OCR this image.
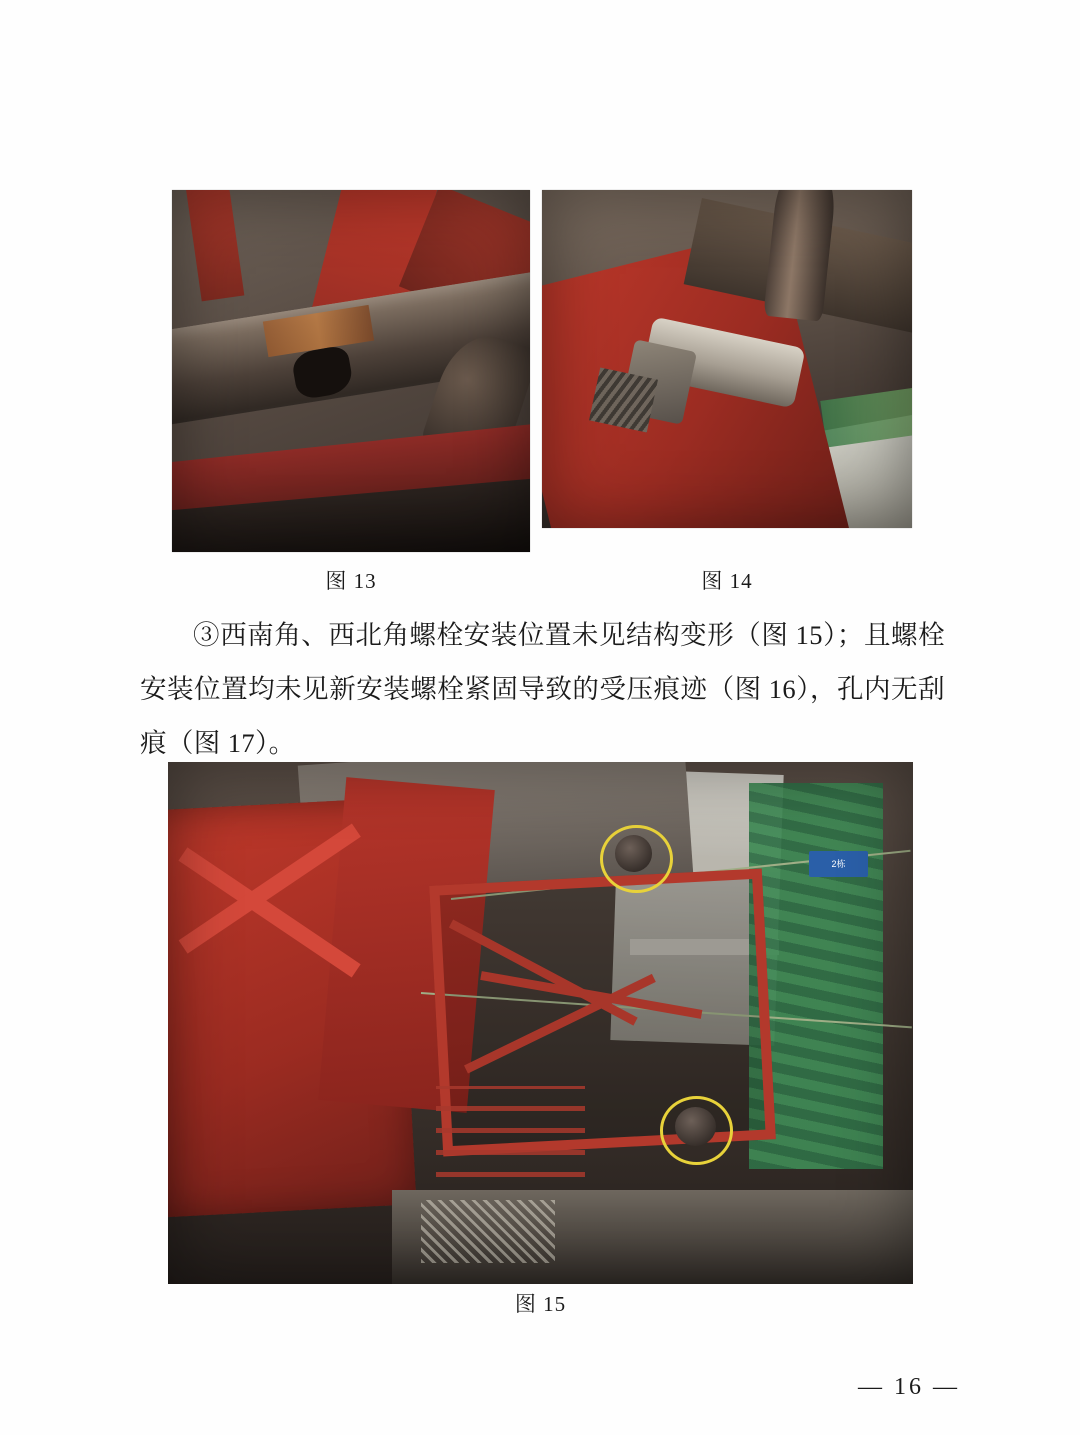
图 13	图 14

③西南角、西北角螺栓安装位置未见结构变形（图 15）；且螺栓安装位置均未见新安装螺栓紧固导致的受压痕迹（图 16），孔内无刮痕（图 17）。

2栋
图 15
— 16 —
